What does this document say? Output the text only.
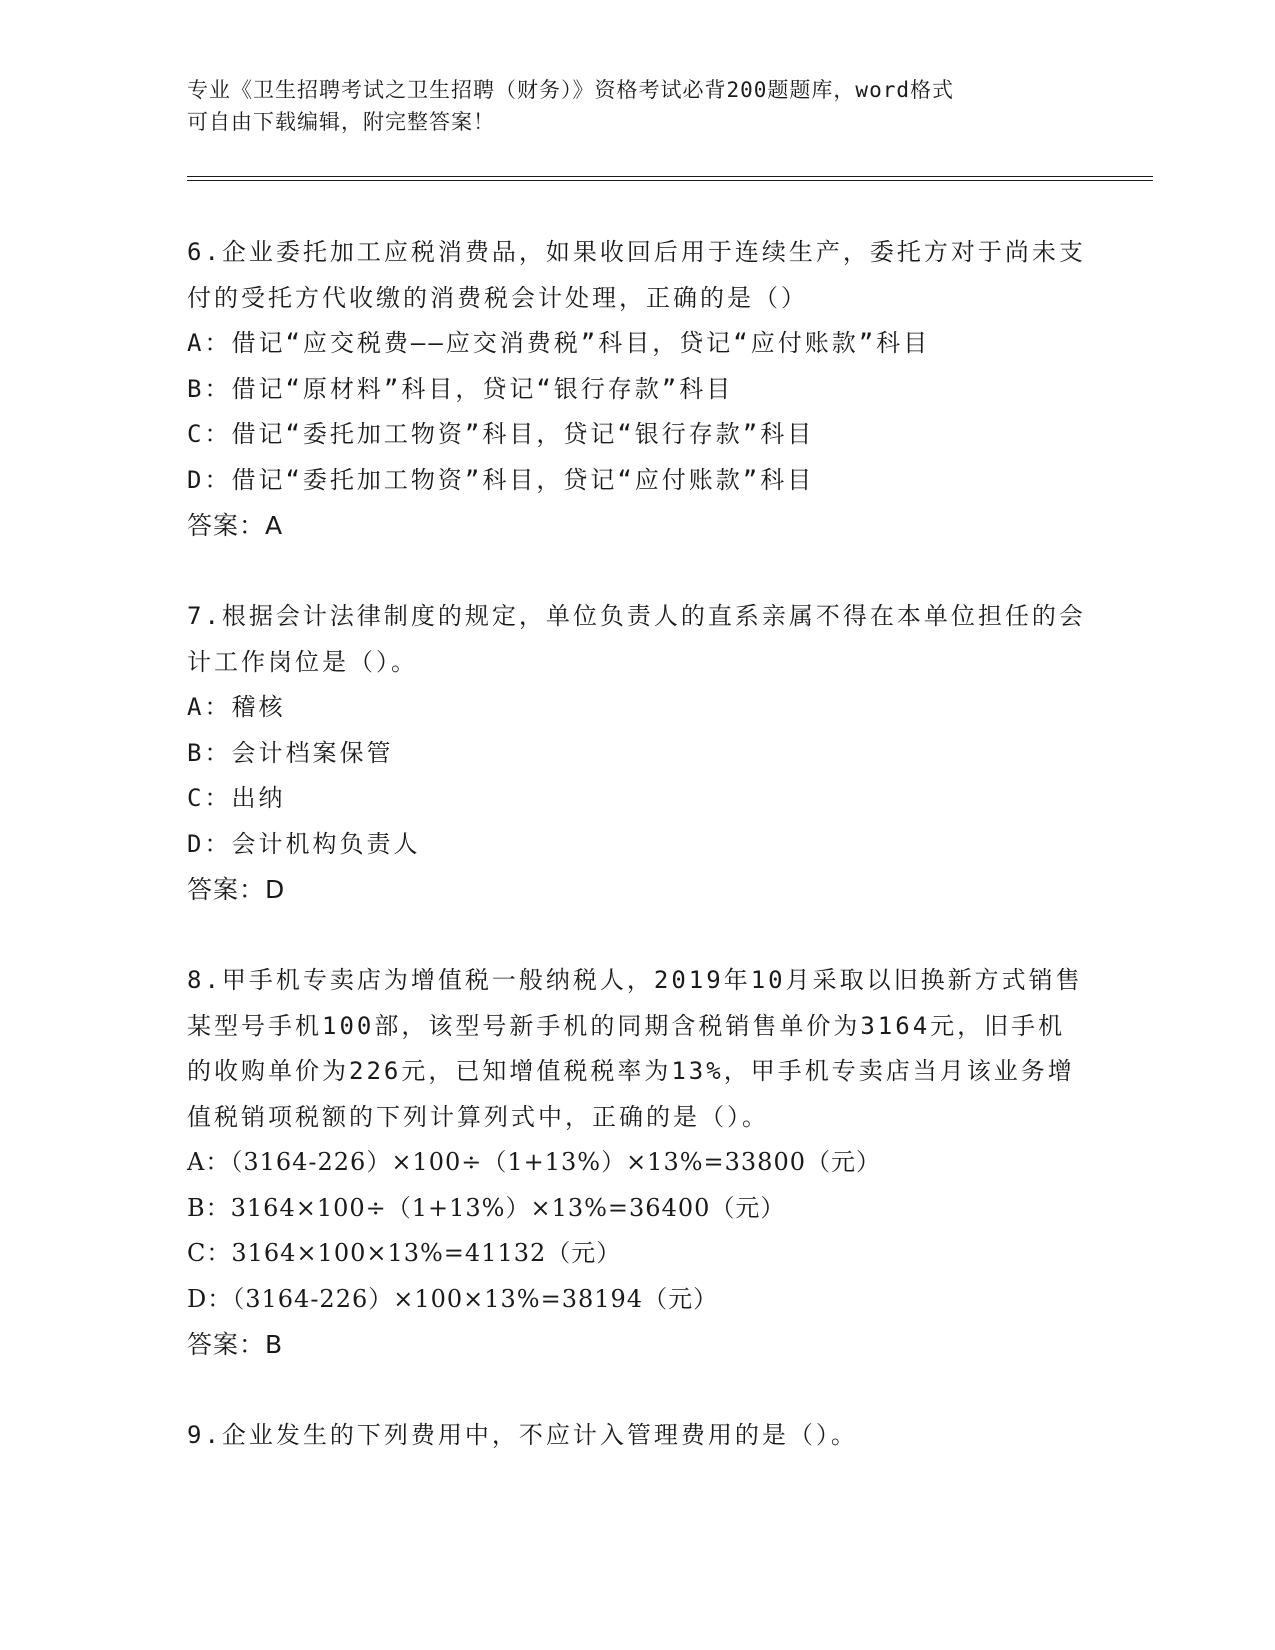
专业《卫生招聘考试之卫生招聘（财务）》资格考试必背200题题库，word格式
可自由下载编辑，附完整答案！

6.企业委托加工应税消费品，如果收回后用于连续生产，委托方对于尚未支付的受托方代收缴的消费税会计处理，正确的是（）

A：借记“应交税费——应交消费税”科目，贷记“应付账款”科目

B：借记“原材料”科目，贷记“银行存款”科目

C：借记“委托加工物资”科目，贷记“银行存款”科目

D：借记“委托加工物资”科目，贷记“应付账款”科目

答案：A

7.根据会计法律制度的规定，单位负责人的直系亲属不得在本单位担任的会计工作岗位是（）。

A：稽核

B：会计档案保管

C：出纳

D：会计机构负责人

答案：D

8.甲手机专卖店为增值税一般纳税人，2019年10月采取以旧换新方式销售某型号手机100部，该型号新手机的同期含税销售单价为3164元，旧手机的收购单价为226元，已知增值税税率为13%，甲手机专卖店当月该业务增值税销项税额的下列计算列式中，正确的是（）。

A：（3164-226）×100÷（1+13%）×13%=33800（元）

B：3164×100÷（1+13%）×13%=36400（元）

C：3164×100×13%=41132（元）

D：（3164-226）×100×13%=38194（元）

答案：B

9.企业发生的下列费用中，不应计入管理费用的是（）。
